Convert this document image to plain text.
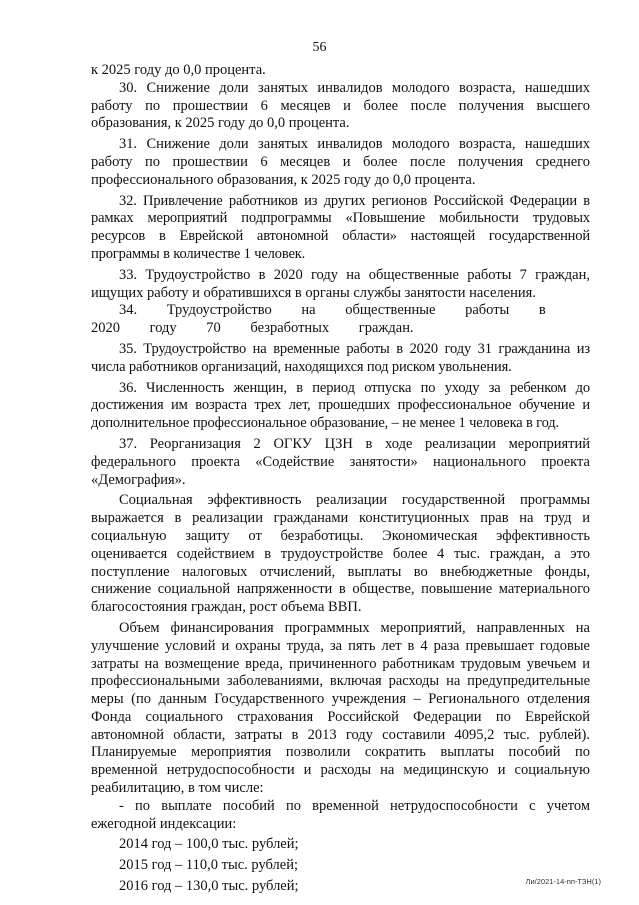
56

к 2025 году до 0,0 процента.

30. Снижение доли занятых инвалидов молодого возраста, нашедших работу по прошествии 6 месяцев и более после получения высшего образования, к 2025 году до 0,0 процента.

31. Снижение доли занятых инвалидов молодого возраста, нашедших работу по прошествии 6 месяцев и более после получения среднего профессионального образования, к 2025 году до 0,0 процента.

32. Привлечение работников из других регионов Российской Федерации в рамках мероприятий подпрограммы «Повышение мобильности трудовых ресурсов в Еврейской автономной области» настоящей государственной программы в количестве 1 человек.

33. Трудоустройство в 2020 году на общественные работы 7 граждан, ищущих работу и обратившихся в органы службы занятости населения.

34. Трудоустройство на общественные работы в 2020 году 70 безработных граждан.

35. Трудоустройство на временные работы в 2020 году 31 гражданина из числа работников организаций, находящихся под риском увольнения.

36. Численность женщин, в период отпуска по уходу за ребенком до достижения им возраста трех лет, прошедших профессиональное обучение и дополнительное профессиональное образование, – не менее 1 человека в год.

37. Реорганизация 2 ОГКУ ЦЗН в ходе реализации мероприятий федерального проекта «Содействие занятости» национального проекта «Демография».

Социальная эффективность реализации государственной программы выражается в реализации гражданами конституционных прав на труд и социальную защиту от безработицы. Экономическая эффективность оценивается содействием в трудоустройстве более 4 тыс. граждан, а это поступление налоговых отчислений, выплаты во внебюджетные фонды, снижение социальной напряженности в обществе, повышение материального благосостояния граждан, рост объема ВВП.

Объем финансирования программных мероприятий, направленных на улучшение условий и охраны труда, за пять лет в 4 раза превышает годовые затраты на возмещение вреда, причиненного работникам трудовым увечьем и профессиональными заболеваниями, включая расходы на предупредительные меры (по данным Государственного учреждения – Регионального отделения Фонда социального страхования Российской Федерации по Еврейской автономной области, затраты в 2013 году составили 4095,2 тыс. рублей). Планируемые мероприятия позволили сократить выплаты пособий по временной нетрудоспособности и расходы на медицинскую и социальную реабилитацию, в том числе:

- по выплате пособий по временной нетрудоспособности с учетом ежегодной индексации:

2014 год – 100,0 тыс. рублей;

2015 год – 110,0 тыс. рублей;

2016 год – 130,0 тыс. рублей;	Ли/2021-14-пп-ТЗН(1)
